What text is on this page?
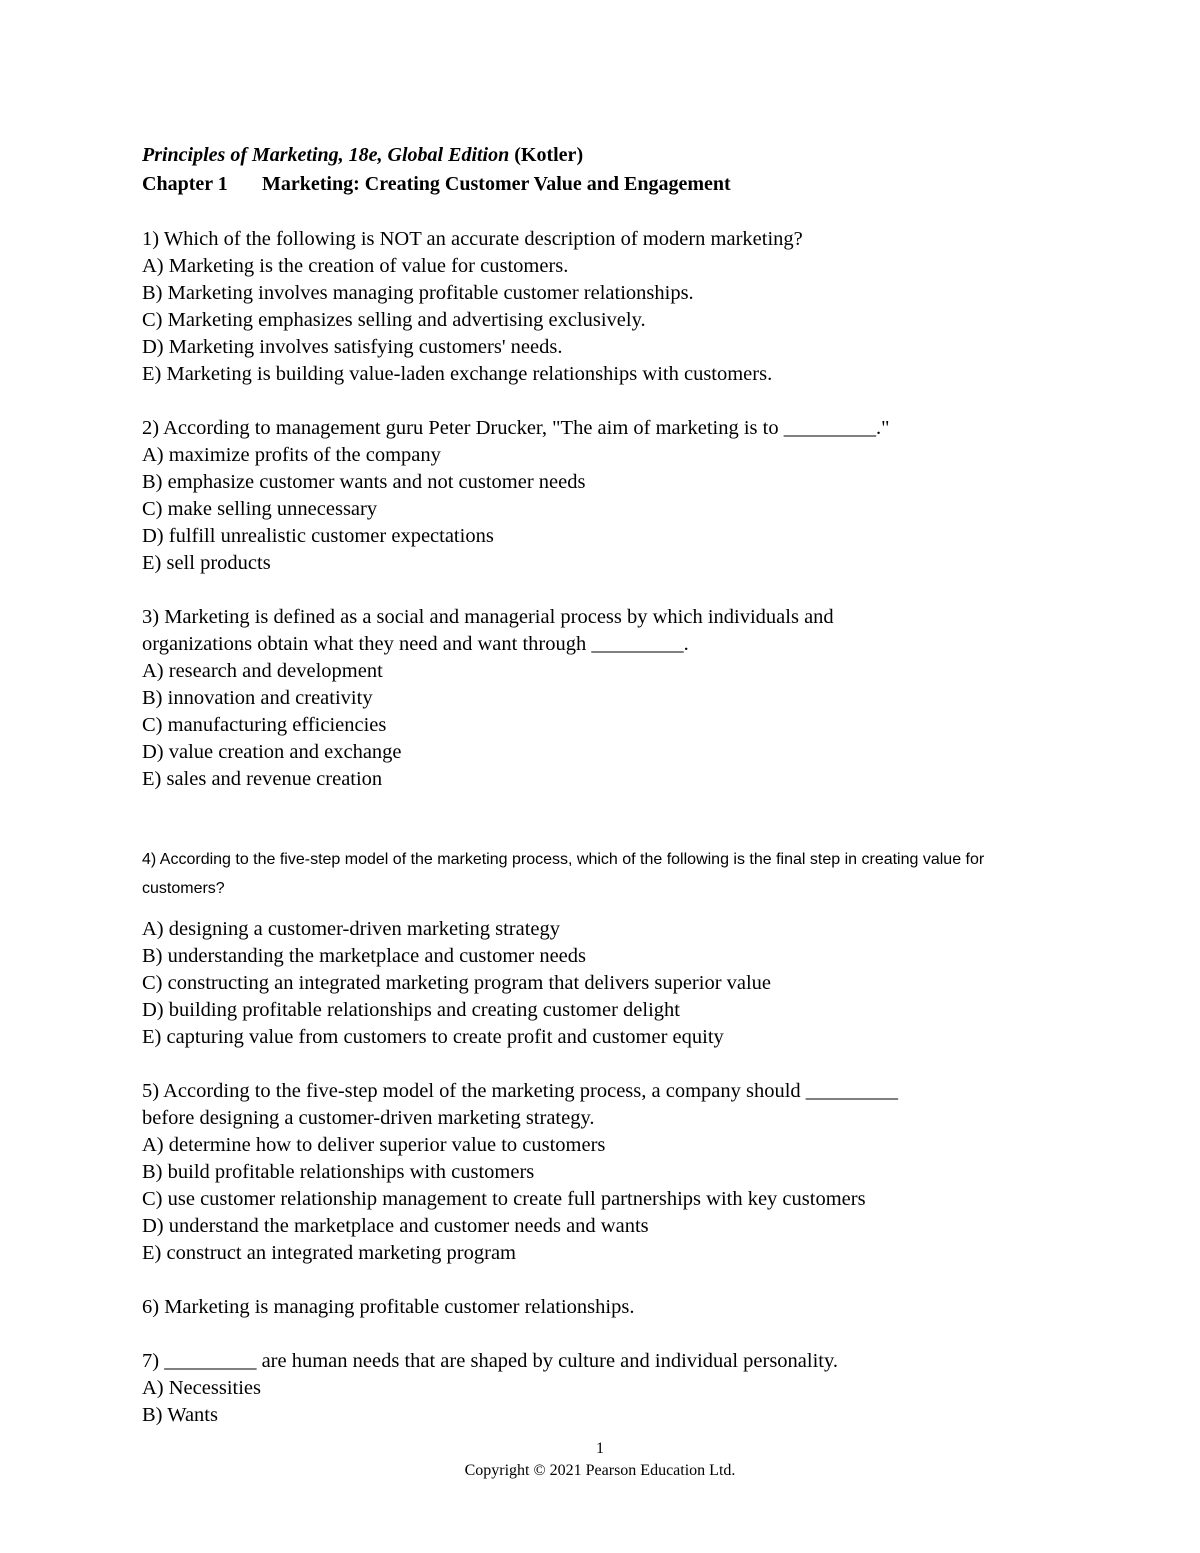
Principles of Marketing, 18e, Global Edition (Kotler)
Chapter 1 Marketing: Creating Customer Value and Engagement
1) Which of the following is NOT an accurate description of modern marketing?
A) Marketing is the creation of value for customers.
B) Marketing involves managing profitable customer relationships.
C) Marketing emphasizes selling and advertising exclusively.
D) Marketing involves satisfying customers' needs.
E) Marketing is building value-laden exchange relationships with customers.
2) According to management guru Peter Drucker, "The aim of marketing is to _________."
A) maximize profits of the company
B) emphasize customer wants and not customer needs
C) make selling unnecessary
D) fulfill unrealistic customer expectations
E) sell products
3) Marketing is defined as a social and managerial process by which individuals and
organizations obtain what they need and want through _________.
A) research and development
B) innovation and creativity
C) manufacturing efficiencies
D) value creation and exchange
E) sales and revenue creation
4) According to the five-step model of the marketing process, which of the following is the final step in creating value for customers?
A) designing a customer-driven marketing strategy
B) understanding the marketplace and customer needs
C) constructing an integrated marketing program that delivers superior value
D) building profitable relationships and creating customer delight
E) capturing value from customers to create profit and customer equity
5) According to the five-step model of the marketing process, a company should _________
before designing a customer-driven marketing strategy.
A) determine how to deliver superior value to customers
B) build profitable relationships with customers
C) use customer relationship management to create full partnerships with key customers
D) understand the marketplace and customer needs and wants
E) construct an integrated marketing program
6) Marketing is managing profitable customer relationships.
7) _________ are human needs that are shaped by culture and individual personality.
A) Necessities
B) Wants
1
Copyright © 2021 Pearson Education Ltd.
